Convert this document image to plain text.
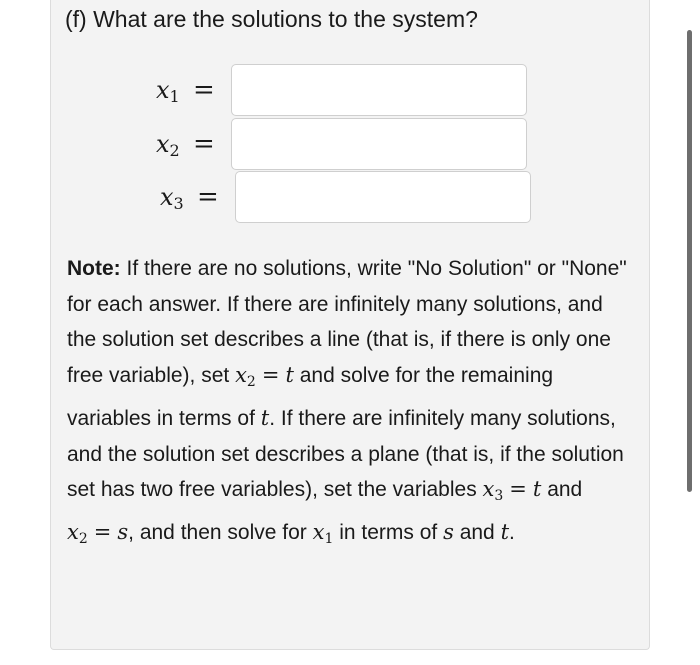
(f) What are the solutions to the system?
$x_1$ =
$x_2$ =
$x_3$ =
Note: If there are no solutions, write "No Solution" or "None" for each answer. If there are infinitely many solutions, and the solution set describes a line (that is, if there is only one free variable), set $x_2 = t$ and solve for the remaining variables in terms of t. If there are infinitely many solutions, and the solution set describes a plane (that is, if the solution set has two free variables), set the variables $x_3 = t$ and $x_2 = s$, and then solve for $x_1$ in terms of s and t.
